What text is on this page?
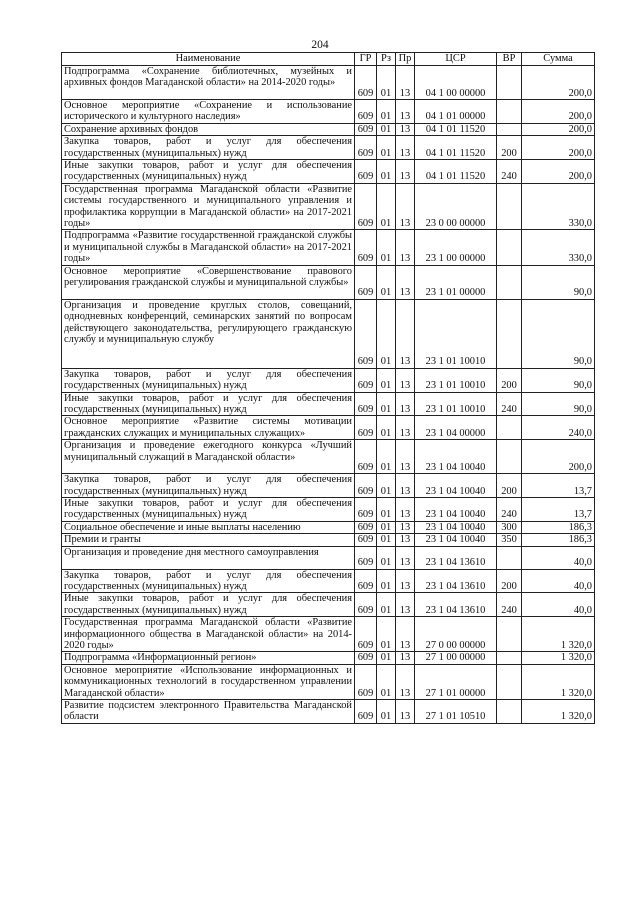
204
Наименование	ГР	Рз	Пр	ЦСР	ВР	Сумма
Подпрограмма «Сохранение библиотечных, музейных и архивных фондов Магаданской области» на 2014-2020 годы»	609	01	13	04 1 00 00000		200,0
Основное мероприятие «Сохранение и использование исторического и культурного наследия»	609	01	13	04 1 01 00000		200,0
Сохранение архивных фондов	609	01	13	04 1 01 11520		200,0
Закупка товаров, работ и услуг для обеспечения государственных (муниципальных) нужд	609	01	13	04 1 01 11520	200	200,0
Иные закупки товаров, работ и услуг для обеспечения государственных (муниципальных) нужд	609	01	13	04 1 01 11520	240	200,0
Государственная программа Магаданской области «Развитие системы государственного и муниципального управления и профилактика коррупции в Магаданской области» на 2017-2021 годы»	609	01	13	23 0 00 00000		330,0
Подпрограмма «Развитие государственной гражданской службы и муниципальной службы в Магаданской области» на 2017-2021 годы»	609	01	13	23 1 00 00000		330,0
Основное мероприятие «Совершенствование правового регулирования гражданской службы и муниципальной службы»	609	01	13	23 1 01 00000		90,0
Организация и проведение круглых столов, совещаний, однодневных конференций, семинарских занятий по вопросам действующего законодательства, регулирующего гражданскую службу и муниципальную службу	609	01	13	23 1 01 10010		90,0
Закупка товаров, работ и услуг для обеспечения государственных (муниципальных) нужд	609	01	13	23 1 01 10010	200	90,0
Иные закупки товаров, работ и услуг для обеспечения государственных (муниципальных) нужд	609	01	13	23 1 01 10010	240	90,0
Основное мероприятие «Развитие системы мотивации гражданских служащих и муниципальных служащих»	609	01	13	23 1 04 00000		240,0
Организация и проведение ежегодного конкурса «Лучший муниципальный служащий в Магаданской области»	609	01	13	23 1 04 10040		200,0
Закупка товаров, работ и услуг для обеспечения государственных (муниципальных) нужд	609	01	13	23 1 04 10040	200	13,7
Иные закупки товаров, работ и услуг для обеспечения государственных (муниципальных) нужд	609	01	13	23 1 04 10040	240	13,7
Социальное обеспечение и иные выплаты населению	609	01	13	23 1 04 10040	300	186,3
Премии и гранты	609	01	13	23 1 04 10040	350	186,3
Организация и проведение дня местного самоуправления	609	01	13	23 1 04 13610		40,0
Закупка товаров, работ и услуг для обеспечения государственных (муниципальных) нужд	609	01	13	23 1 04 13610	200	40,0
Иные закупки товаров, работ и услуг для обеспечения государственных (муниципальных) нужд	609	01	13	23 1 04 13610	240	40,0
Государственная программа Магаданской области «Развитие информационного общества в Магаданской области» на 2014-2020 годы»	609	01	13	27 0 00 00000		1 320,0
Подпрограмма «Информационный регион»	609	01	13	27 1 00 00000		1 320,0
Основное мероприятие «Использование информационных и коммуникационных технологий в государственном управлении Магаданской области»	609	01	13	27 1 01 00000		1 320,0
Развитие подсистем электронного Правительства Магаданской области	609	01	13	27 1 01 10510		1 320,0
